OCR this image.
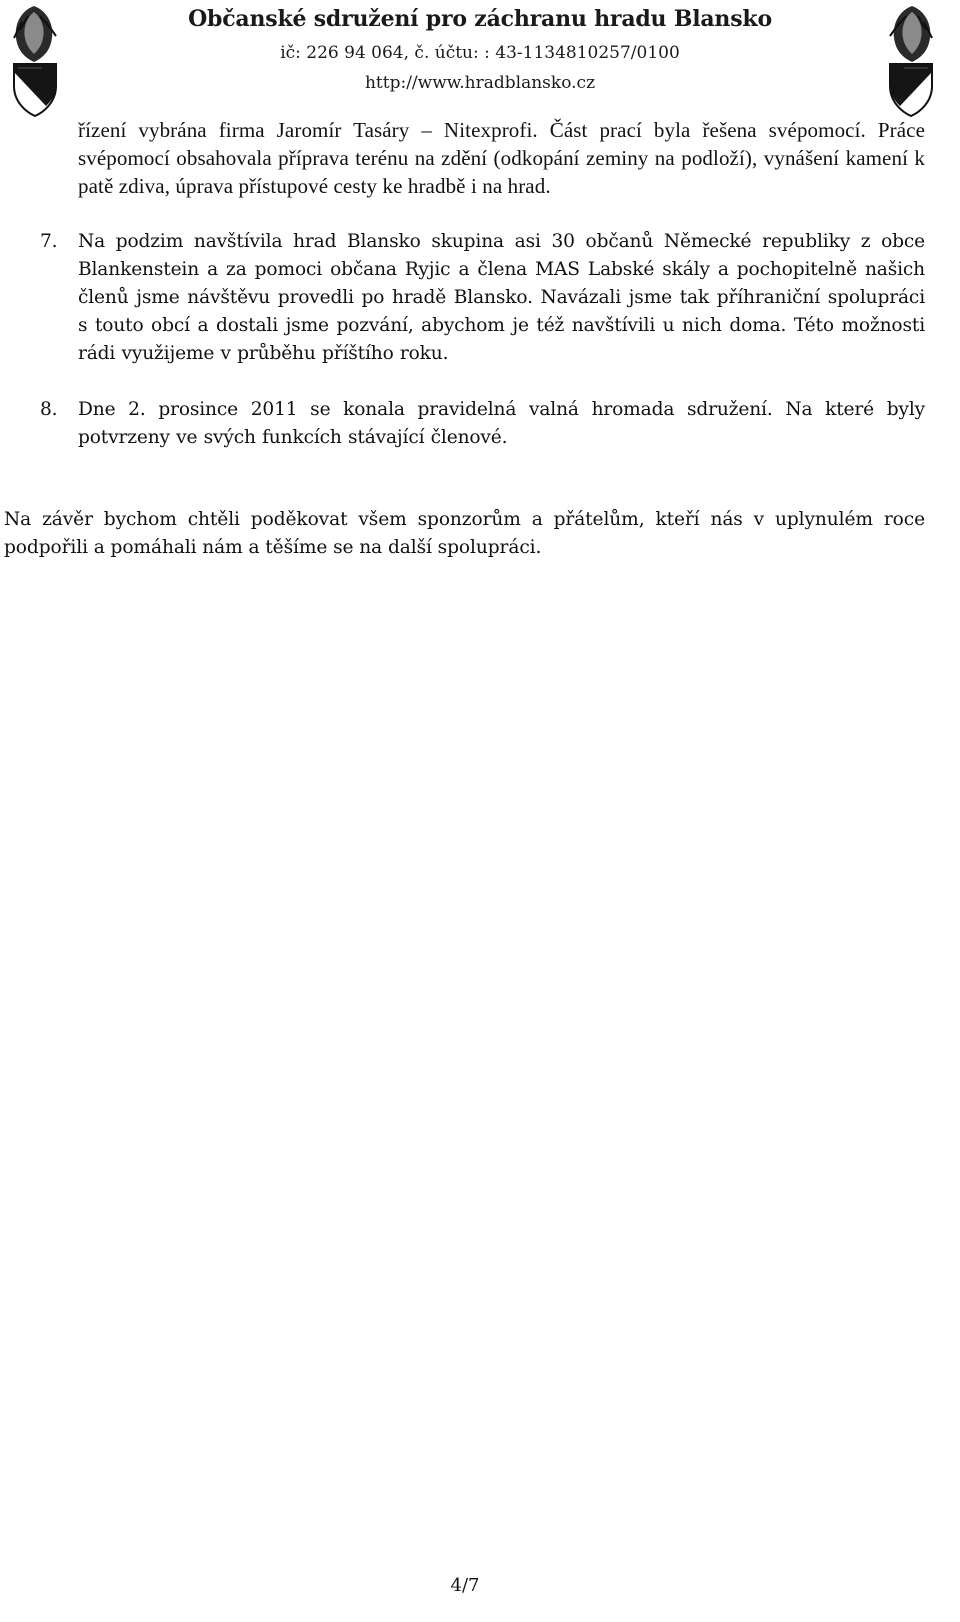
Občanské sdružení pro záchranu hradu Blansko

ič: 226 94 064, č. účtu: : 43-1134810257/0100

http://www.hradblansko.cz

řízení vybrána firma Jaromír Tasáry – Nitexprofi. Část prací byla řešena svépomocí. Práce svépomocí obsahovala příprava terénu na zdění (odkopání zeminy na podloží), vynášení kamení k patě zdiva, úprava přístupové cesty ke hradbě i na hrad.

7.	Na podzim navštívila hrad Blansko skupina asi 30 občanů Německé republiky z obce Blankenstein a za pomoci občana Ryjic a člena MAS Labské skály a pochopitelně našich členů jsme návštěvu provedli po hradě Blansko. Navázali jsme tak příhraniční spolupráci s touto obcí a dostali jsme pozvání, abychom je též navštívili u nich doma. Této možnosti rádi využijeme v průběhu příštího roku.
8.	Dne 2. prosince 2011 se konala pravidelná valná hromada sdružení. Na které byly potvrzeny ve svých funkcích stávající členové.

Na závěr bychom chtěli poděkovat všem sponzorům a přátelům, kteří nás v uplynulém roce podpořili a pomáhali nám a těšíme se na další spolupráci.

4/7
